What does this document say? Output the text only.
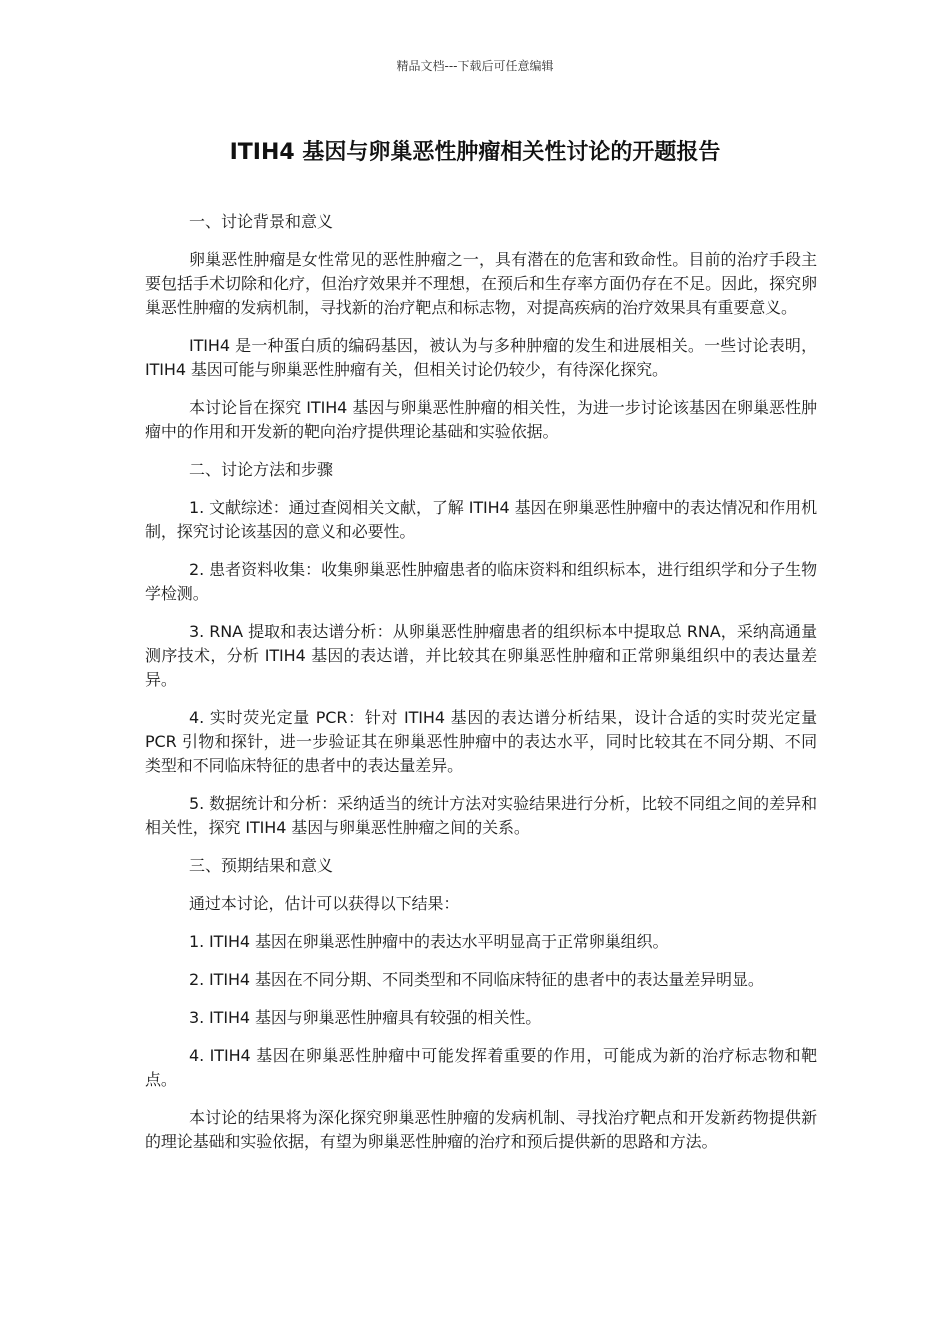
精品文档---下载后可任意编辑
ITIH4 基因与卵巢恶性肿瘤相关性讨论的开题报告

一、讨论背景和意义

卵巢恶性肿瘤是女性常见的恶性肿瘤之一，具有潜在的危害和致命性。目前的治疗手段主要包括手术切除和化疗，但治疗效果并不理想，在预后和生存率方面仍存在不足。因此，探究卵巢恶性肿瘤的发病机制，寻找新的治疗靶点和标志物，对提高疾病的治疗效果具有重要意义。

ITIH4 是一种蛋白质的编码基因，被认为与多种肿瘤的发生和进展相关。一些讨论表明，ITIH4 基因可能与卵巢恶性肿瘤有关，但相关讨论仍较少，有待深化探究。

本讨论旨在探究 ITIH4 基因与卵巢恶性肿瘤的相关性，为进一步讨论该基因在卵巢恶性肿瘤中的作用和开发新的靶向治疗提供理论基础和实验依据。

二、讨论方法和步骤

1. 文献综述：通过查阅相关文献，了解 ITIH4 基因在卵巢恶性肿瘤中的表达情况和作用机制，探究讨论该基因的意义和必要性。

2. 患者资料收集：收集卵巢恶性肿瘤患者的临床资料和组织标本，进行组织学和分子生物学检测。

3. RNA 提取和表达谱分析：从卵巢恶性肿瘤患者的组织标本中提取总 RNA，采纳高通量测序技术，分析 ITIH4 基因的表达谱，并比较其在卵巢恶性肿瘤和正常卵巢组织中的表达量差异。

4. 实时荧光定量 PCR：针对 ITIH4 基因的表达谱分析结果，设计合适的实时荧光定量 PCR 引物和探针，进一步验证其在卵巢恶性肿瘤中的表达水平，同时比较其在不同分期、不同类型和不同临床特征的患者中的表达量差异。

5. 数据统计和分析：采纳适当的统计方法对实验结果进行分析，比较不同组之间的差异和相关性，探究 ITIH4 基因与卵巢恶性肿瘤之间的关系。

三、预期结果和意义

通过本讨论，估计可以获得以下结果：

1. ITIH4 基因在卵巢恶性肿瘤中的表达水平明显高于正常卵巢组织。

2. ITIH4 基因在不同分期、不同类型和不同临床特征的患者中的表达量差异明显。

3. ITIH4 基因与卵巢恶性肿瘤具有较强的相关性。

4. ITIH4 基因在卵巢恶性肿瘤中可能发挥着重要的作用，可能成为新的治疗标志物和靶点。

本讨论的结果将为深化探究卵巢恶性肿瘤的发病机制、寻找治疗靶点和开发新药物提供新的理论基础和实验依据，有望为卵巢恶性肿瘤的治疗和预后提供新的思路和方法。
